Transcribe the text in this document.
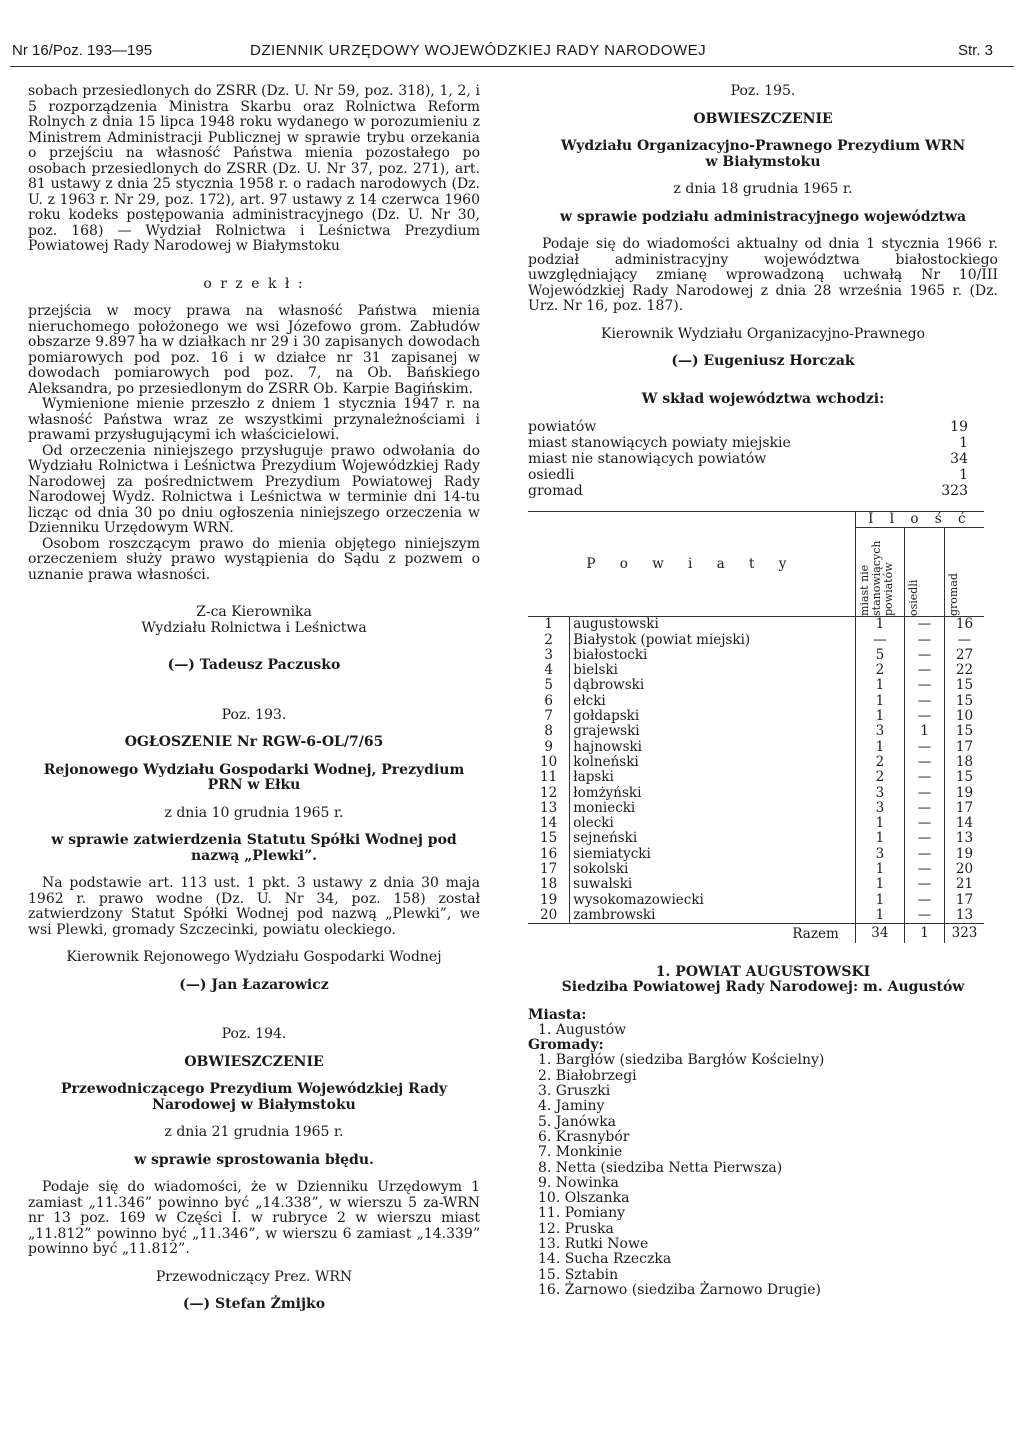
Nr 16/Poz. 193—195	DZIENNIK URZĘDOWY WOJEWÓDZKIEJ RADY NARODOWEJ	Str. 3

sobach przesiedlonych do ZSRR (Dz. U. Nr 59, poz. 318), 1, 2, i 5 rozporządzenia Ministra Skarbu oraz Rolnictwa Reform Rolnych z dnia 15 lipca 1948 roku wydanego w porozumieniu z Ministrem Administracji Publicznej w sprawie trybu orzekania o przejściu na własność Państwa mienia pozostałego po osobach przesiedlonych do ZSRR (Dz. U. Nr 37, poz. 271), art. 81 ustawy z dnia 25 stycznia 1958 r. o radach narodowych (Dz. U. z 1963 r. Nr 29, poz. 172), art. 97 ustawy z 14 czerwca 1960 roku kodeks postępowania administracyjnego (Dz. U. Nr 30, poz. 168) — Wydział Rolnictwa i Leśnictwa Prezydium Powiatowej Rady Narodowej w Białymstoku

o r z e k ł :

przejścia w mocy prawa na własność Państwa mienia nieruchomego położonego we wsi Józefowo grom. Zabłudów obszarze 9.897 ha w działkach nr 29 i 30 zapisanych dowodach pomiarowych pod poz. 16 i w działce nr 31 zapisanej w dowodach pomiarowych pod poz. 7, na Ob. Bańskiego Aleksandra, po przesiedlonym do ZSRR Ob. Karpie Bagińskim.

Wymienione mienie przeszło z dniem 1 stycznia 1947 r. na własność Państwa wraz ze wszystkimi przynależnościami i prawami przysługującymi ich właścicielowi.

Od orzeczenia niniejszego przysługuje prawo odwołania do Wydziału Rolnictwa i Leśnictwa Prezydium Wojewódzkiej Rady Narodowej za pośrednictwem Prezydium Powiatowej Rady Narodowej Wydz. Rolnictwa i Leśnictwa w terminie dni 14-tu licząc od dnia 30 po dniu ogłoszenia niniejszego orzeczenia w Dzienniku Urzędowym WRN.

Osobom roszczącym prawo do mienia objętego niniejszym orzeczeniem służy prawo wystąpienia do Sądu z pozwem o uznanie prawa własności.

Z-ca Kierownika

Wydziału Rolnictwa i Leśnictwa

(—) Tadeusz Paczusko

Poz. 193.

OGŁOSZENIE Nr RGW-6-OL/7/65

Rejonowego Wydziału Gospodarki Wodnej, Prezydium PRN w Ełku

z dnia 10 grudnia 1965 r.

w sprawie zatwierdzenia Statutu Spółki Wodnej pod nazwą „Plewki”.

Na podstawie art. 113 ust. 1 pkt. 3 ustawy z dnia 30 maja 1962 r. prawo wodne (Dz. U. Nr 34, poz. 158) został zatwierdzony Statut Spółki Wodnej pod nazwą „Plewki”, we wsi Plewki, gromady Szczecinki, powiatu oleckiego.

Kierownik Rejonowego Wydziału Gospodarki Wodnej

(—) Jan Łazarowicz

Poz. 194.

OBWIESZCZENIE

Przewodniczącego Prezydium Wojewódzkiej Rady Narodowej w Białymstoku

z dnia 21 grudnia 1965 r.

w sprawie sprostowania błędu.

Podaje się do wiadomości, że w Dzienniku Urzędowym 1 zamiast „11.346” powinno być „14.338”, w wierszu 5 za-WRN nr 13 poz. 169 w Części I. w rubryce 2 w wierszu miast „11.812” powinno być „11.346”, w wierszu 6 zamiast „14.339” powinno być „11.812”.

Przewodniczący Prez. WRN

(—) Stefan Żmijko

Poz. 195.

OBWIESZCZENIE

Wydziału Organizacyjno-Prawnego Prezydium WRN

w Białymstoku

z dnia 18 grudnia 1965 r.

w sprawie podziału administracyjnego województwa

Podaje się do wiadomości aktualny od dnia 1 stycznia 1966 r. podział administracyjny województwa białostockiego uwzględniający zmianę wprowadzoną uchwałą Nr 10/III Wojewódzkiej Rady Narodowej z dnia 28 września 1965 r. (Dz. Urz. Nr 16, poz. 187).

Kierownik Wydziału Organizacyjno-Prawnego

(—) Eugeniusz Horczak

W skład województwa wchodzi:

powiatów	19
miast stanowiących powiaty miejskie	1
miast nie stanowiących powiatów	34
osiedli	1
gromad	323
P o w i a t y		I l o ś ć		

		miast nie stanowiących powiatów	osiedli	gromad

1	augustowski	1	—	16
2	Białystok (powiat miejski)	—	—	—
3	białostocki	5	—	27
4	bielski	2	—	22
5	dąbrowski	1	—	15
6	ełcki	1	—	15
7	gołdapski	1	—	10
8	grajewski	3	1	15
9	hajnowski	1	—	17
10	kolneński	2	—	18
11	łapski	2	—	15
12	łomżyński	3	—	19
13	moniecki	3	—	17
14	olecki	1	—	14
15	sejneński	1	—	13
16	siemiatycki	3	—	19
17	sokolski	1	—	20
18	suwalski	1	—	21
19	wysokomazowiecki	1	—	17
20	zambrowski	1	—	13
	Razem	34	1	323

1. POWIAT AUGUSTOWSKI

Siedziba Powiatowej Rady Narodowej: m. Augustów

Miasta:

1. Augustów

Gromady:

1. Bargłów (siedziba Bargłów Kościelny)

2. Białobrzegi

3. Gruszki

4. Jaminy

5. Janówka

6. Krasnybór

7. Monkinie

8. Netta (siedziba Netta Pierwsza)

9. Nowinka

10. Olszanka

11. Pomiany

12. Pruska

13. Rutki Nowe

14. Sucha Rzeczka

15. Sztabin

16. Żarnowo (siedziba Żarnowo Drugie)
